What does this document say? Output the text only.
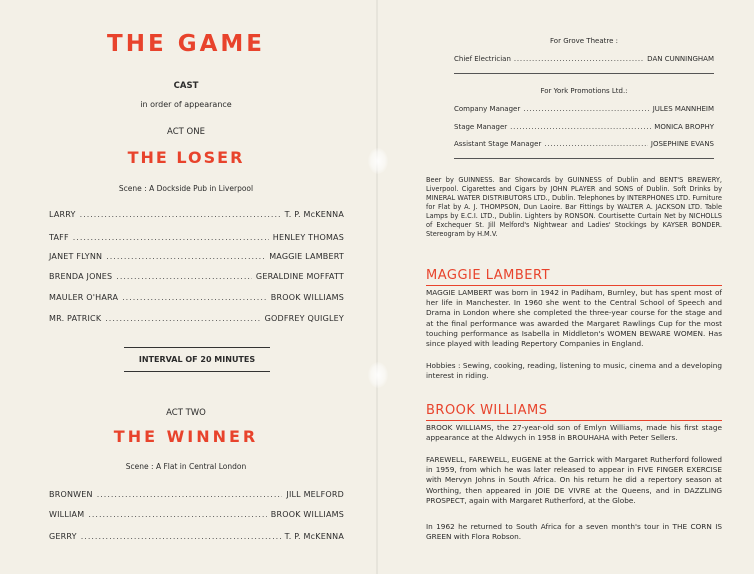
THE GAME
CAST
in order of appearance
ACT ONE
THE LOSER
Scene : A Dockside Pub in Liverpool
LARRY .....	T. P. McKENNA
TAFF .....	HENLEY THOMAS
JANET FLYNN .....	MAGGIE LAMBERT
BRENDA JONES .....	GERALDINE MOFFATT
MAULER O'HARA .....	BROOK WILLIAMS
MR. PATRICK .....	GODFREY QUIGLEY
INTERVAL OF 20 MINUTES
ACT TWO
THE WINNER
Scene : A Flat in Central London
BRONWEN .....	JILL MELFORD
WILLIAM .....	BROOK WILLIAMS
GERRY .....	T. P. McKENNA
For Grove Theatre :
Chief Electrician .....	DAN CUNNINGHAM
For York Promotions Ltd.:
Company Manager .....	JULES MANNHEIM
Stage Manager .....	MONICA BROPHY
Assistant Stage Manager .....	JOSEPHINE EVANS
Beer by GUINNESS. Bar Showcards by GUINNESS of Dublin and BENT'S BREWERY, Liverpool. Cigarettes and Cigars by JOHN PLAYER and SONS of Dublin. Soft Drinks by MINERAL WATER DISTRIBUTORS LTD., Dublin. Telephones by INTERPHONES LTD. Furniture for Flat by A. J. THOMPSON, Dun Laoire. Bar Fittings by WALTER A. JACKSON LTD. Table Lamps by E.C.I. LTD., Dublin. Lighters by RONSON. Courtisette Curtain Net by NICHOLLS of Exchequer St. Jill Melford's Nightwear and Ladies' Stockings by KAYSER BONDER. Stereogram by H.M.V.
MAGGIE LAMBERT
MAGGIE LAMBERT was born in 1942 in Padiham, Burnley, but has spent most of her life in Manchester. In 1960 she went to the Central School of Speech and Drama in London where she completed the three-year course for the stage and at the final performance was awarded the Margaret Rawlings Cup for the most touching performance as Isabella in Middleton's WOMEN BEWARE WOMEN. Has since played with leading Repertory Companies in England.
Hobbies : Sewing, cooking, reading, listening to music, cinema and a developing interest in riding.
BROOK WILLIAMS
BROOK WILLIAMS, the 27-year-old son of Emlyn Williams, made his first stage appearance at the Aldwych in 1958 in BROUHAHA with Peter Sellers.
FAREWELL, FAREWELL, EUGENE at the Garrick with Margaret Rutherford followed in 1959, from which he was later released to appear in FIVE FINGER EXERCISE with Mervyn Johns in South Africa. On his return he did a repertory season at Worthing, then appeared in JOIE DE VIVRE at the Queens, and in DAZZLING PROSPECT, again with Margaret Rutherford, at the Globe.
In 1962 he returned to South Africa for a seven month's tour in THE CORN IS GREEN with Flora Robson.
